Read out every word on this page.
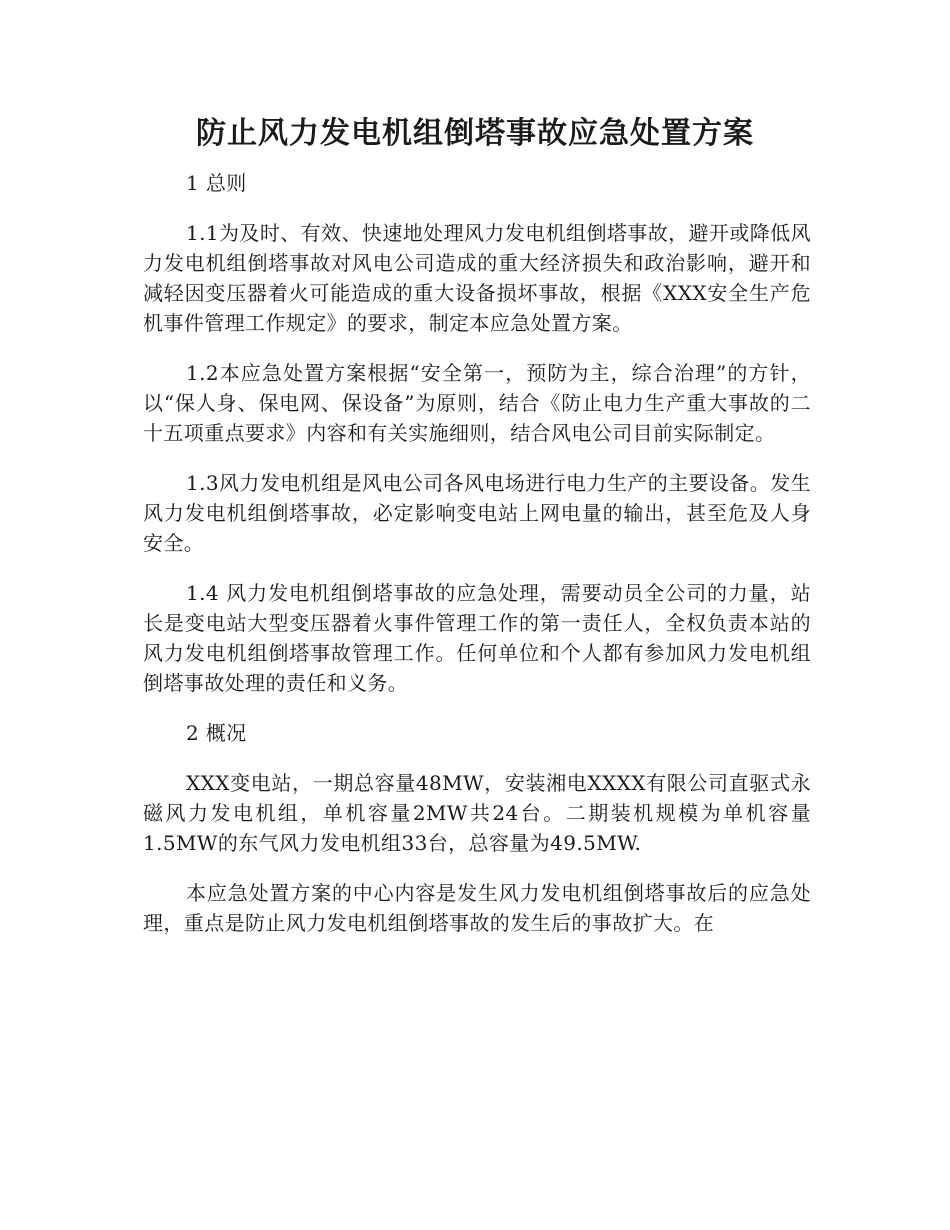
防止风力发电机组倒塔事故应急处置方案

1 总则

1.1为及时、有效、快速地处理风力发电机组倒塔事故，避开或降低风力发电机组倒塔事故对风电公司造成的重大经济损失和政治影响，避开和减轻因变压器着火可能造成的重大设备损坏事故，根据《XXX安全生产危机事件管理工作规定》的要求，制定本应急处置方案。

1.2本应急处置方案根据“安全第一，预防为主，综合治理”的方针，以“保人身、保电网、保设备”为原则，结合《防止电力生产重大事故的二十五项重点要求》内容和有关实施细则，结合风电公司目前实际制定。

1.3风力发电机组是风电公司各风电场进行电力生产的主要设备。发生风力发电机组倒塔事故，必定影响变电站上网电量的输出，甚至危及人身安全。

1.4 风力发电机组倒塔事故的应急处理，需要动员全公司的力量，站长是变电站大型变压器着火事件管理工作的第一责任人，全权负责本站的风力发电机组倒塔事故管理工作。任何单位和个人都有参加风力发电机组倒塔事故处理的责任和义务。

2 概况

XXX变电站，一期总容量48MW，安装湘电XXXX有限公司直驱式永磁风力发电机组，单机容量2MW共24台。二期装机规模为单机容量1.5MW的东气风力发电机组33台，总容量为49.5MW.

本应急处置方案的中心内容是发生风力发电机组倒塔事故后的应急处理，重点是防止风力发电机组倒塔事故的发生后的事故扩大。在
